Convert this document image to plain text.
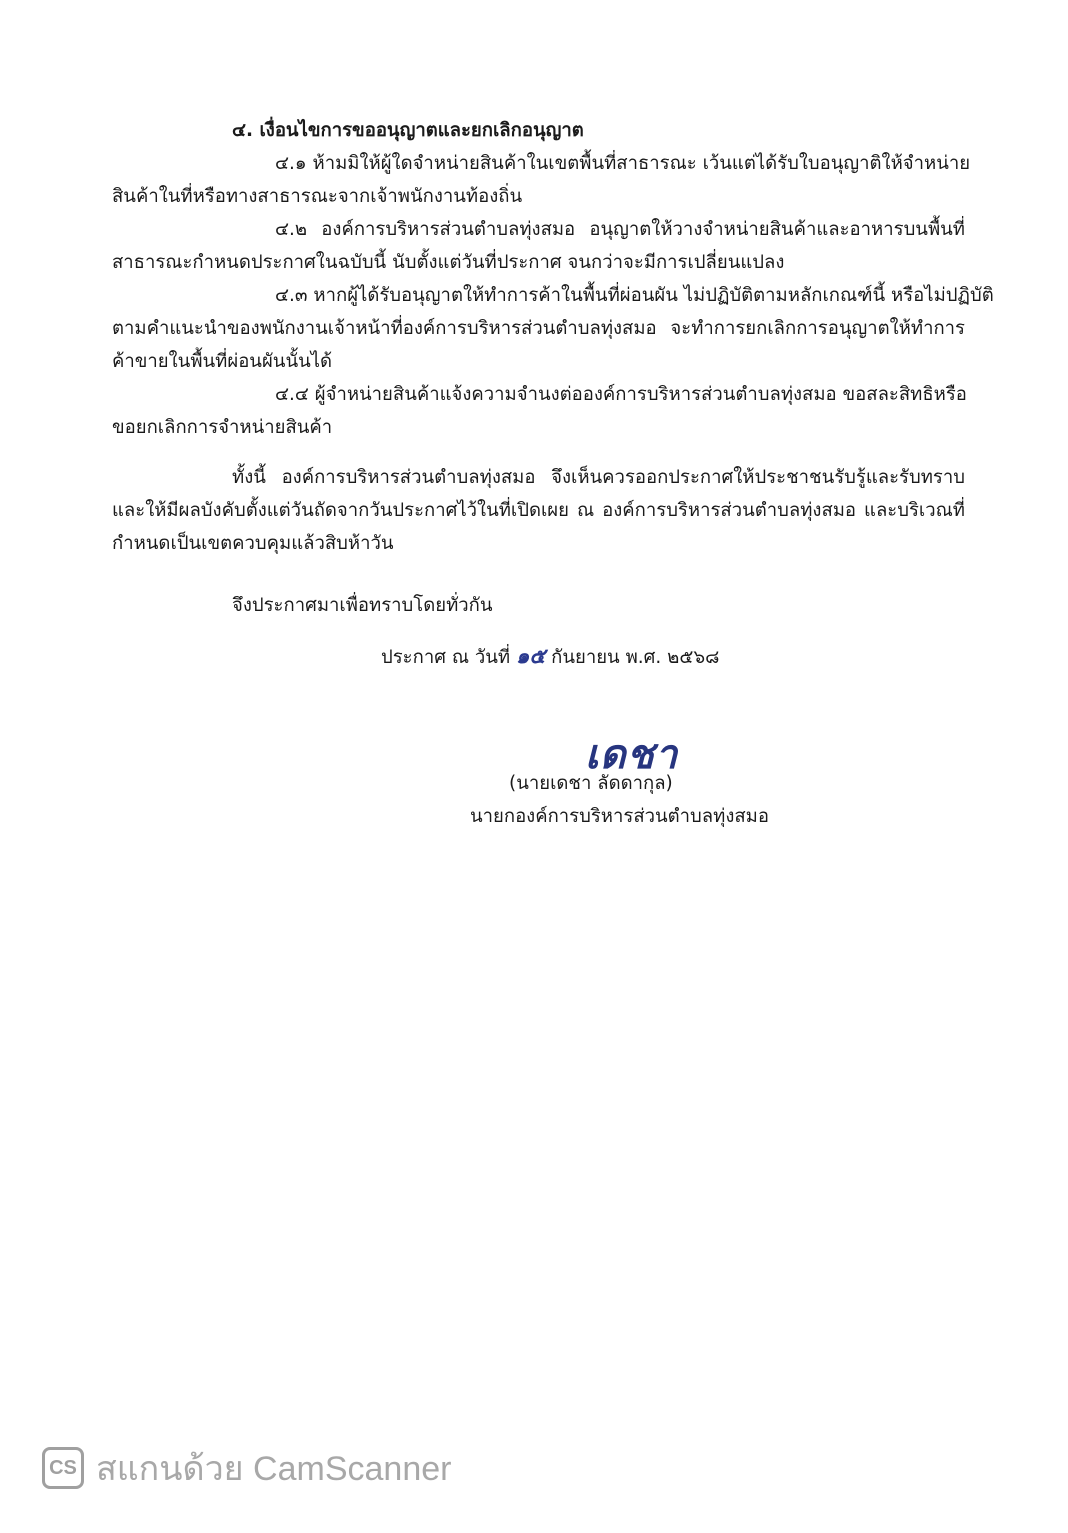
๔. เงื่อนไขการขออนุญาตและยกเลิกอนุญาต
๔.๑ ห้ามมิให้ผู้ใดจำหน่ายสินค้าในเขตพื้นที่สาธารณะ เว้นแต่ได้รับใบอนุญาติให้จำหน่าย
สินค้าในที่หรือทางสาธารณะจากเจ้าพนักงานท้องถิ่น
๔.๒ องค์การบริหารส่วนตำบลทุ่งสมอ อนุญาตให้วางจำหน่ายสินค้าและอาหารบนพื้นที่
สาธารณะกำหนดประกาศในฉบับนี้ นับตั้งแต่วันที่ประกาศ จนกว่าจะมีการเปลี่ยนแปลง
๔.๓ หากผู้ได้รับอนุญาตให้ทำการค้าในพื้นที่ผ่อนผัน ไม่ปฏิบัติตามหลักเกณฑ์นี้ หรือไม่ปฏิบัติ
ตามคำแนะนำของพนักงานเจ้าหน้าที่องค์การบริหารส่วนตำบลทุ่งสมอ จะทำการยกเลิกการอนุญาตให้ทำการ
ค้าขายในพื้นที่ผ่อนผันนั้นได้
๔.๔ ผู้จำหน่ายสินค้าแจ้งความจำนงต่อองค์การบริหารส่วนตำบลทุ่งสมอ ขอสละสิทธิหรือ
ขอยกเลิกการจำหน่ายสินค้า
ทั้งนี้ องค์การบริหารส่วนตำบลทุ่งสมอ จึงเห็นควรออกประกาศให้ประชาชนรับรู้และรับทราบ
และให้มีผลบังคับตั้งแต่วันถัดจากวันประกาศไว้ในที่เปิดเผย ณ องค์การบริหารส่วนตำบลทุ่งสมอ และบริเวณที่
กำหนดเป็นเขตควบคุมแล้วสิบห้าวัน
จึงประกาศมาเพื่อทราบโดยทั่วกัน
ประกาศ ณ วันที่ ๑๕ กันยายน พ.ศ. ๒๕๖๘
เดชา
(นายเดชา ลัดดากุล)
นายกองค์การบริหารส่วนตำบลทุ่งสมอ
CS สแกนด้วย CamScanner
